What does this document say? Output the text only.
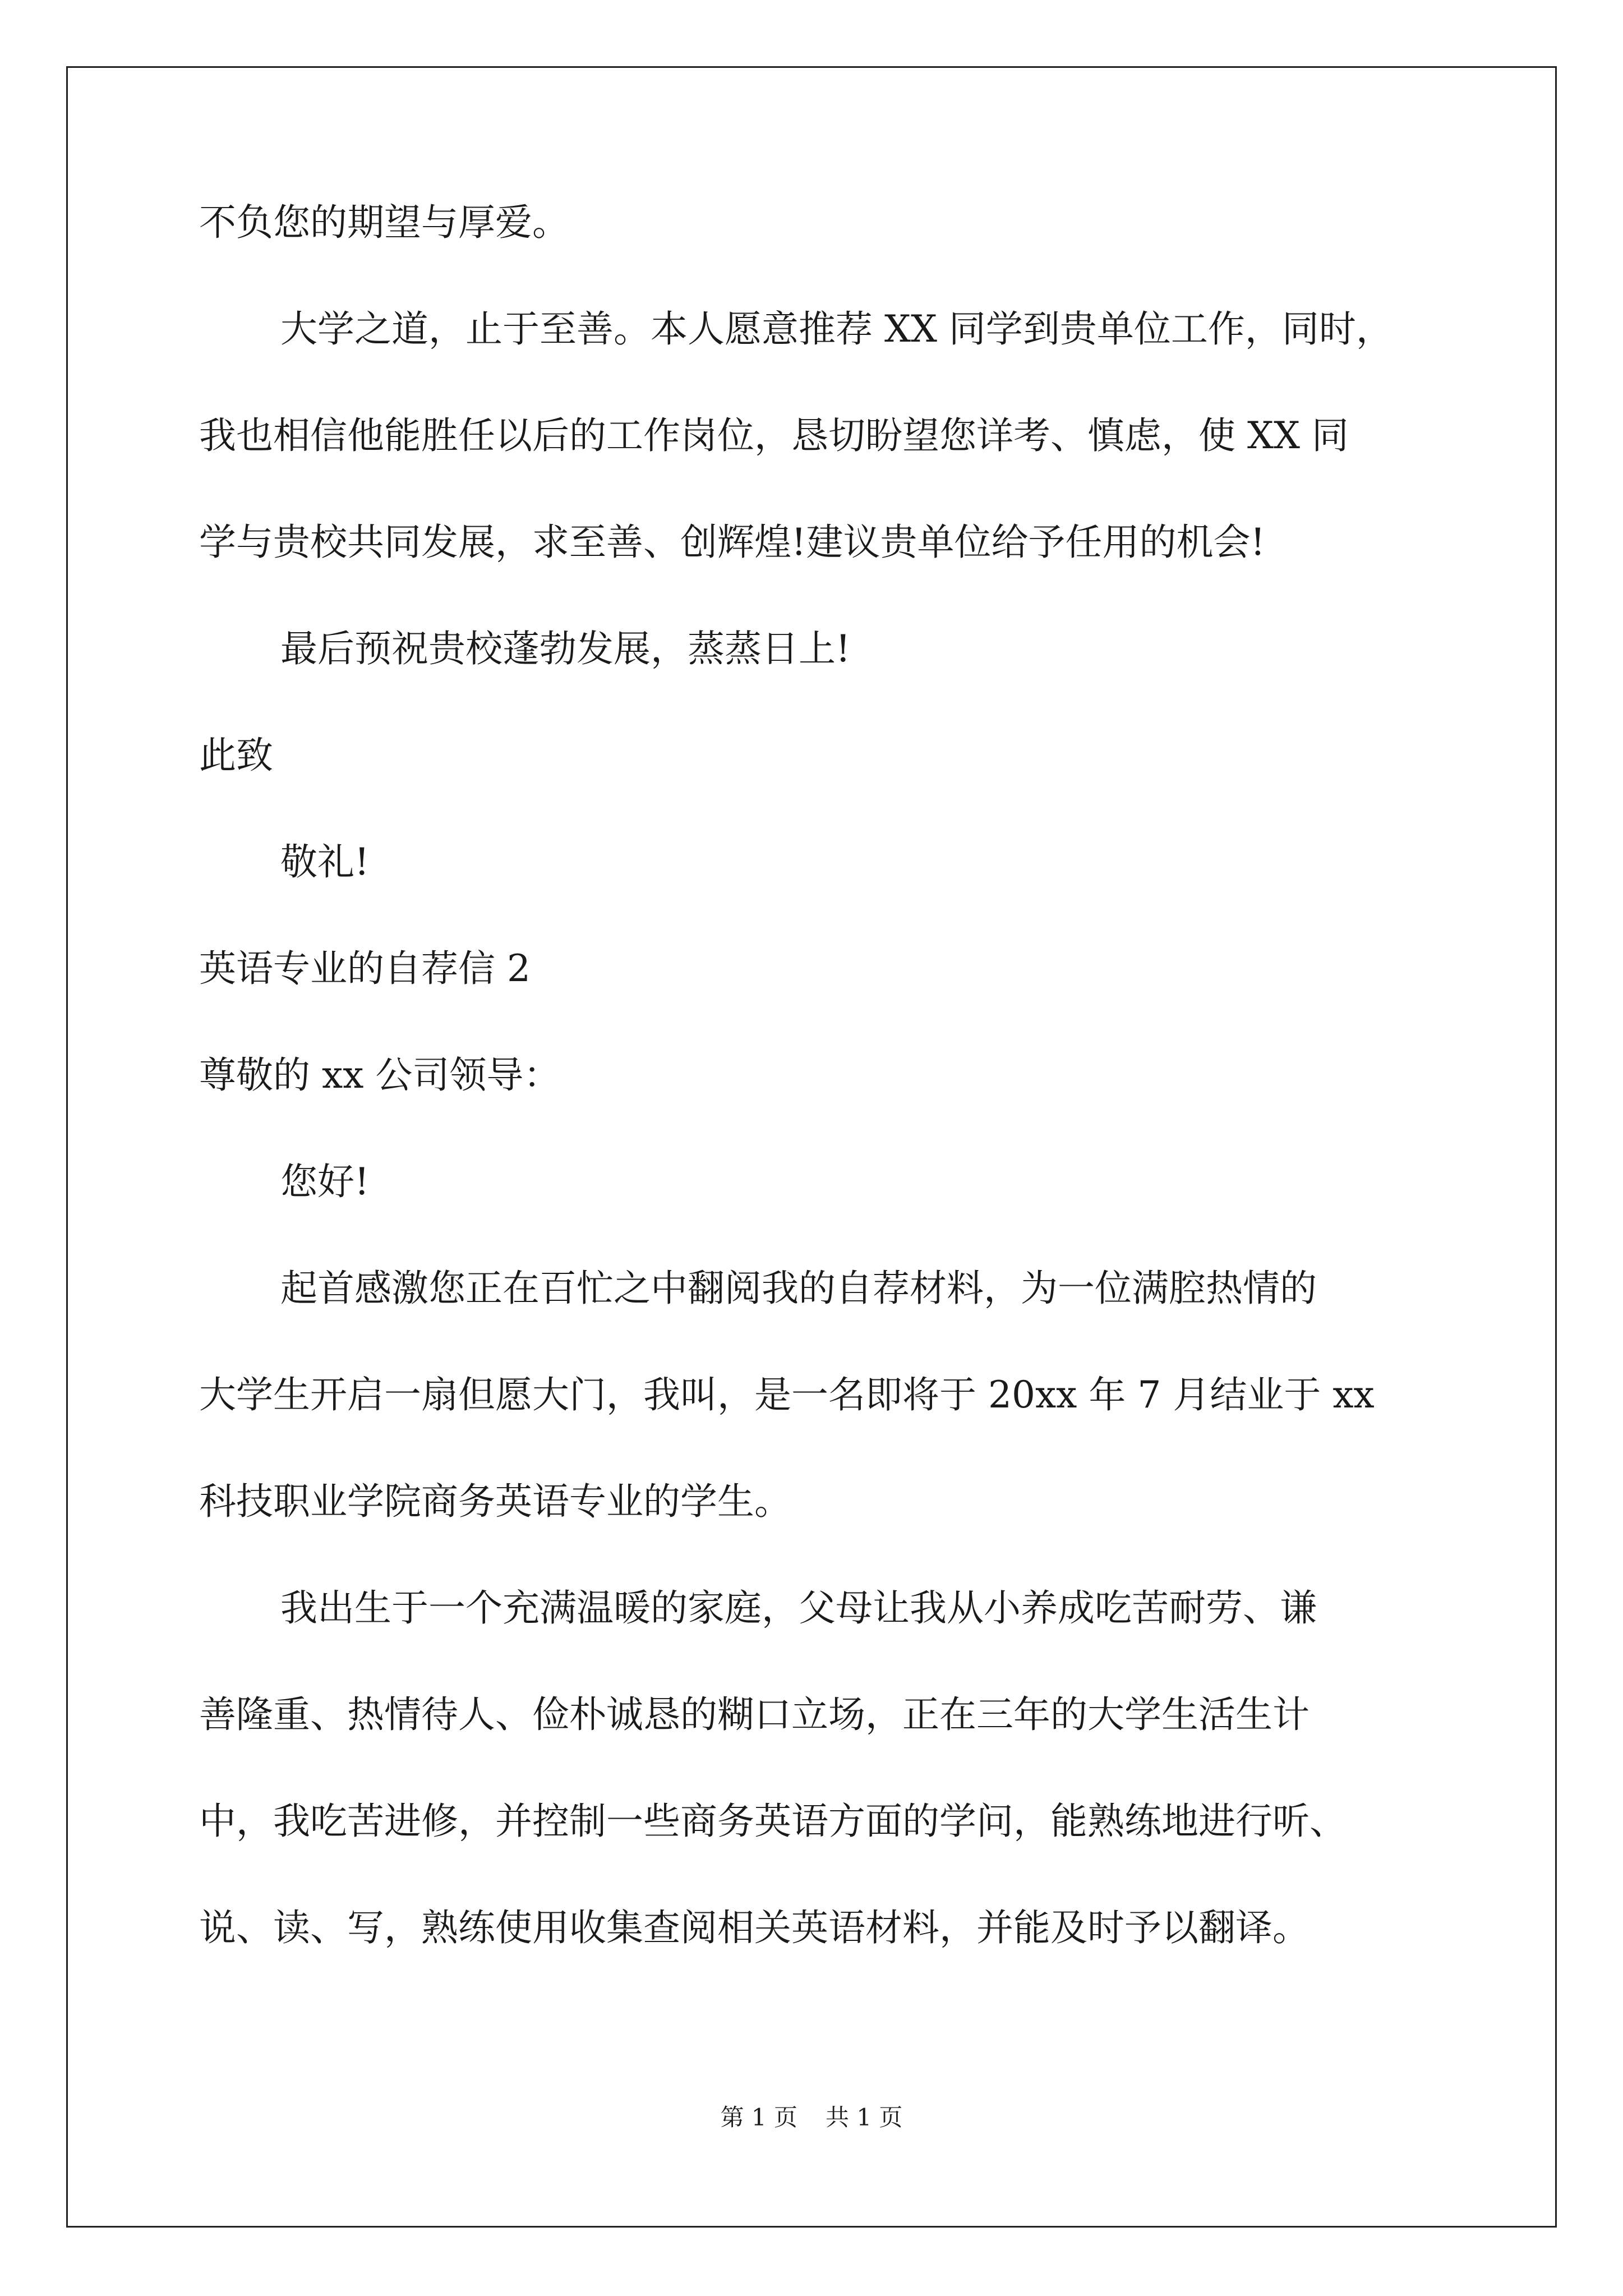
不负您的期望与厚爱。

大学之道，止于至善。本人愿意推荐 XX 同学到贵单位工作，同时，

我也相信他能胜任以后的工作岗位，恳切盼望您详考、慎虑，使 XX 同

学与贵校共同发展，求至善、创辉煌!建议贵单位给予任用的机会!

最后预祝贵校蓬勃发展，蒸蒸日上!

此致

敬礼!

英语专业的自荐信 2

尊敬的 xx 公司领导：

您好!

起首感激您正在百忙之中翻阅我的自荐材料，为一位满腔热情的

大学生开启一扇但愿大门，我叫，是一名即将于 20xx 年 7 月结业于 xx

科技职业学院商务英语专业的学生。

我出生于一个充满温暖的家庭，父母让我从小养成吃苦耐劳、谦

善隆重、热情待人、俭朴诚恳的糊口立场，正在三年的大学生活生计

中，我吃苦进修，并控制一些商务英语方面的学问，能熟练地进行听、

说、读、写，熟练使用收集查阅相关英语材料，并能及时予以翻译。

第 1 页 共 1 页
